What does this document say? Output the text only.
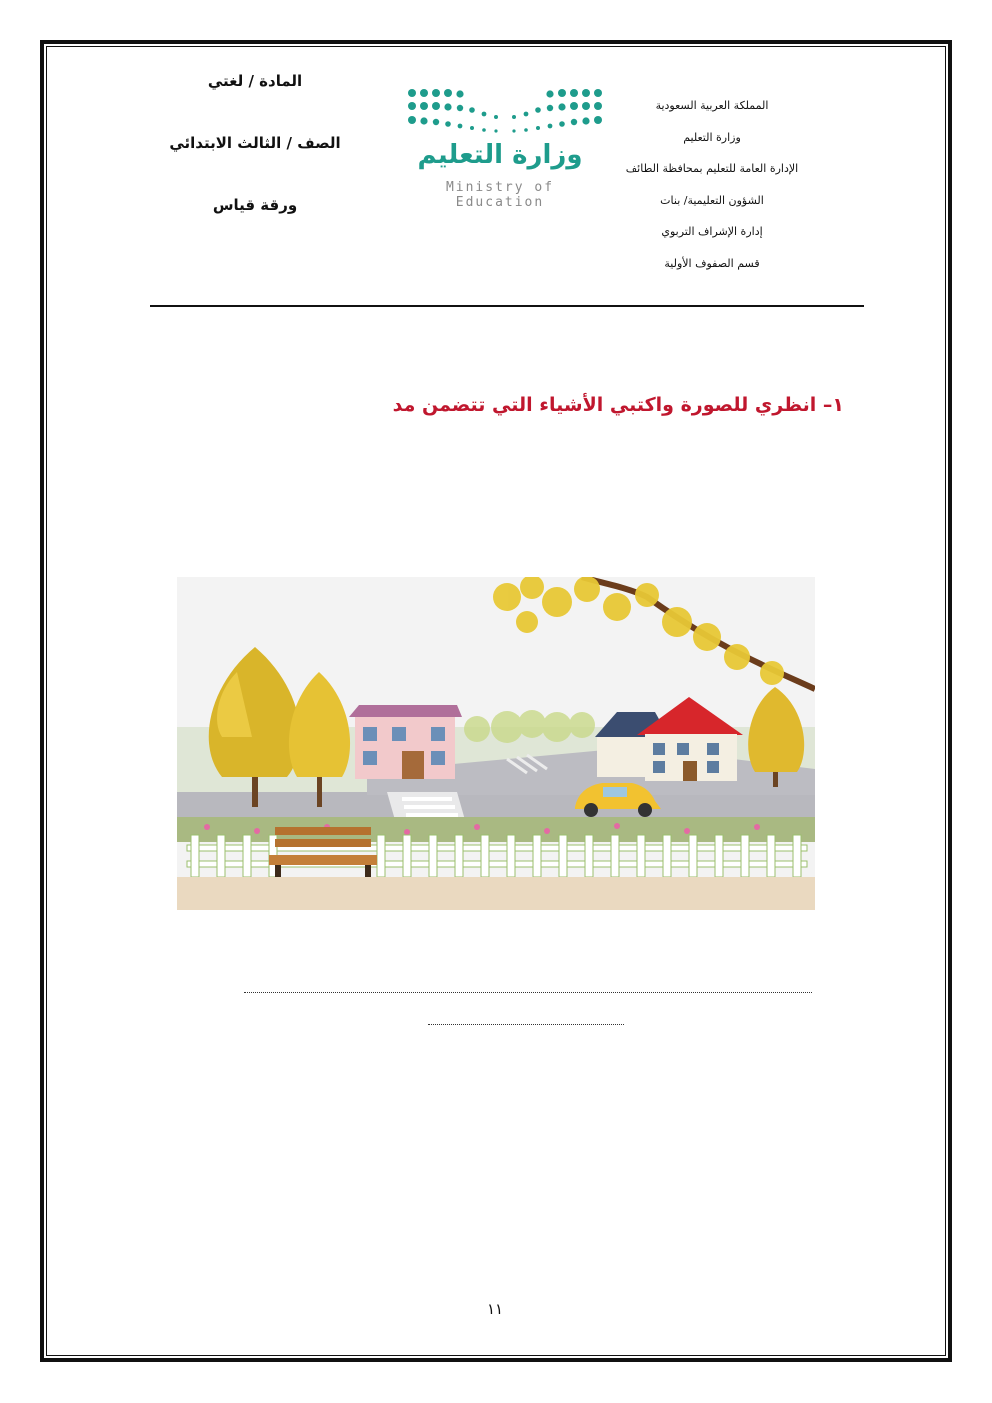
المملكة العربية السعودية
وزارة التعليم
الإدارة العامة للتعليم بمحافظة الطائف
الشؤون التعليمية/ بنات
إدارة الإشراف التربوي
قسم الصفوف الأولية
وزارة التعليم
Ministry of Education
المادة / لغتي
الصف / الثالث الابتدائي
ورقة قياس
١– انظري للصورة واكتبي الأشياء التي تتضمن مد
١١
